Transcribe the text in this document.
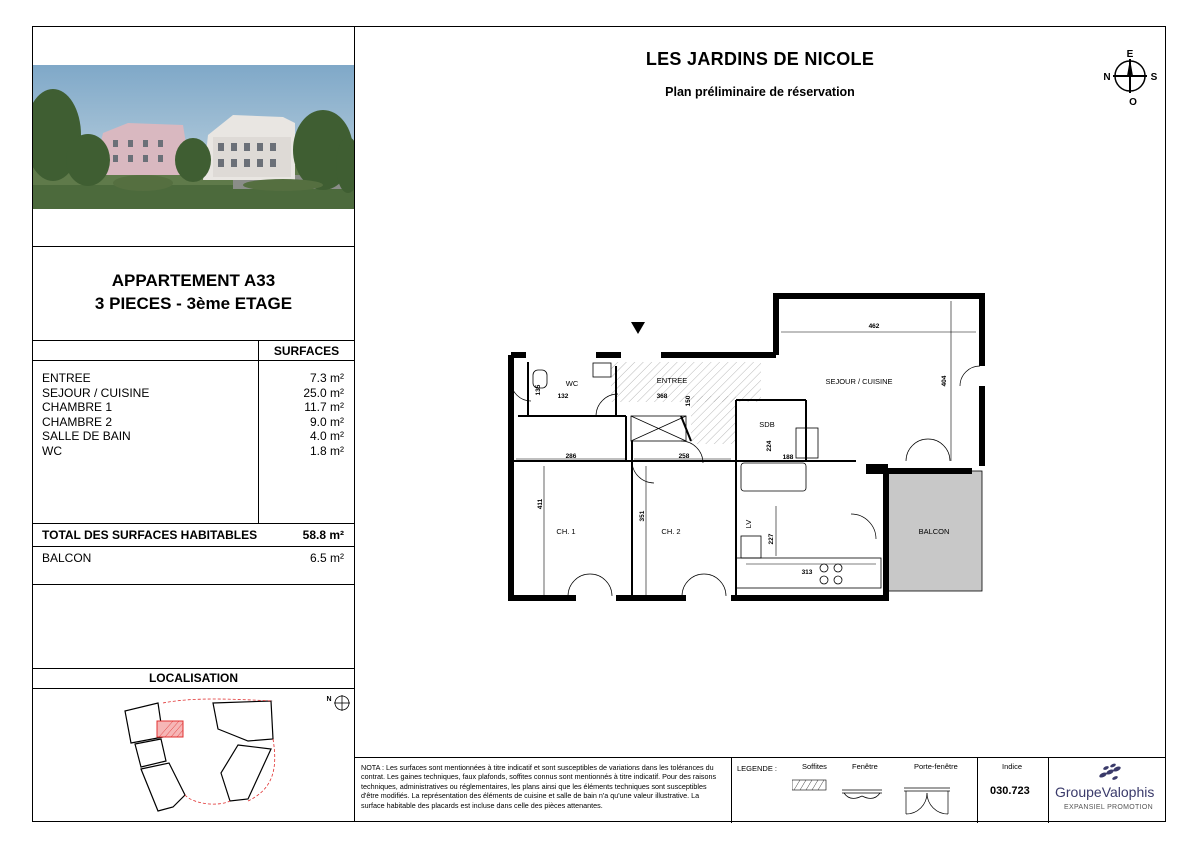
APPARTEMENT A33
3 PIECES - 3ème ETAGE
SURFACES
ENTREE	7.3 m²
SEJOUR / CUISINE	25.0 m²
CHAMBRE 1	11.7 m²
CHAMBRE 2	9.0 m²
SALLE DE BAIN	4.0 m²
WC	1.8 m²
TOTAL DES SURFACES HABITABLES	58.8 m²
BALCON	6.5 m²
LOCALISATION
N
LES JARDINS DE NICOLE
Plan préliminaire de réservation
E
N	S
O
NOTA : Les surfaces sont mentionnées à titre indicatif et sont susceptibles de variations dans les tolérances du contrat. Les gaines techniques, faux plafonds, soffites connus sont mentionnés à titre indicatif. Pour des raisons techniques, administratives ou réglementaires, les plans ainsi que les éléments techniques sont susceptibles d'être modifiés. La représentation des éléments de cuisine et salle de bain n'a qu'une valeur illustrative. La surface habitable des placards est incluse dans celle des pièces attenantes.
LEGENDE :	Soffites	Fenêtre	Porte-fenêtre	Indice
030.723 GroupeValophis
EXPANSIEL PROMOTION
WC	ENTREE	SEJOUR / CUISINE
SDB
CH. 1	CH. 2	BALCON
LV
462
404
135
132	368	150
224
188
286	258
411
351
227
313
